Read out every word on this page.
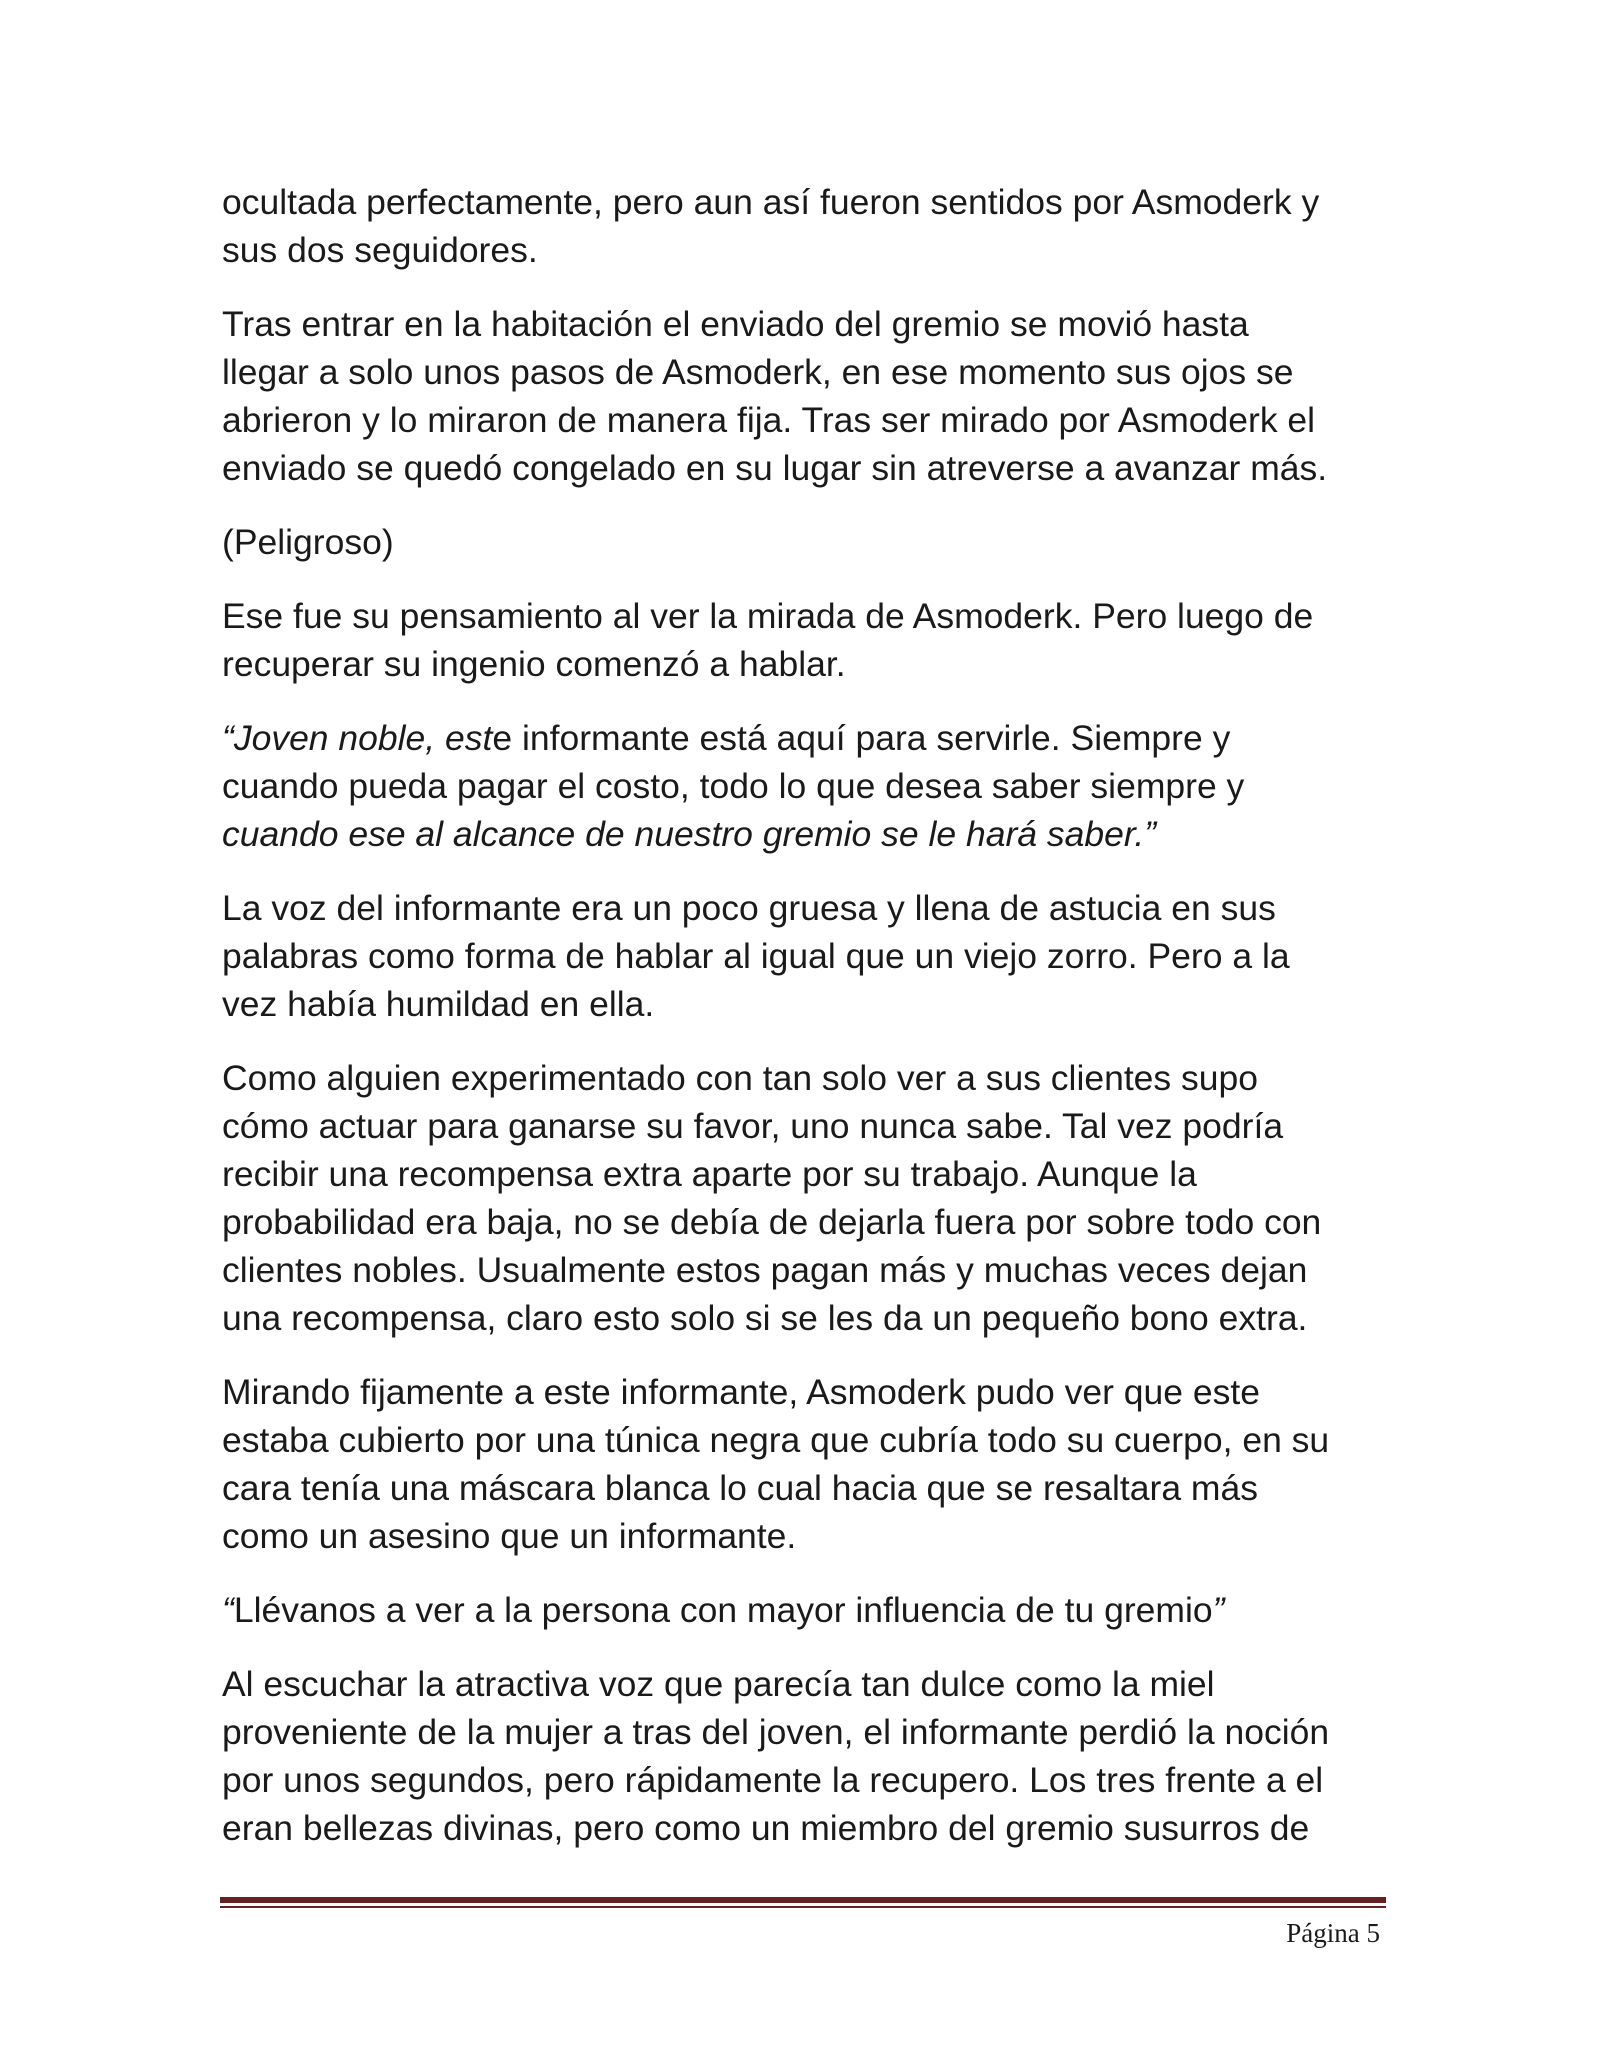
ocultada perfectamente, pero aun así fueron sentidos por Asmoderk y
sus dos seguidores.

Tras entrar en la habitación el enviado del gremio se movió hasta
llegar a solo unos pasos de Asmoderk, en ese momento sus ojos se
abrieron y lo miraron de manera fija. Tras ser mirado por Asmoderk el
enviado se quedó congelado en su lugar sin atreverse a avanzar más.

(Peligroso)

Ese fue su pensamiento al ver la mirada de Asmoderk. Pero luego de
recuperar su ingenio comenzó a hablar.

“Joven noble, este informante está aquí para servirle. Siempre y
cuando pueda pagar el costo, todo lo que desea saber siempre y
cuando ese al alcance de nuestro gremio se le hará saber.”

La voz del informante era un poco gruesa y llena de astucia en sus
palabras como forma de hablar al igual que un viejo zorro. Pero a la
vez había humildad en ella.

Como alguien experimentado con tan solo ver a sus clientes supo
cómo actuar para ganarse su favor, uno nunca sabe. Tal vez podría
recibir una recompensa extra aparte por su trabajo. Aunque la
probabilidad era baja, no se debía de dejarla fuera por sobre todo con
clientes nobles. Usualmente estos pagan más y muchas veces dejan
una recompensa, claro esto solo si se les da un pequeño bono extra.

Mirando fijamente a este informante, Asmoderk pudo ver que este
estaba cubierto por una túnica negra que cubría todo su cuerpo, en su
cara tenía una máscara blanca lo cual hacia que se resaltara más
como un asesino que un informante.

“Llévanos a ver a la persona con mayor influencia de tu gremio”

Al escuchar la atractiva voz que parecía tan dulce como la miel
proveniente de la mujer a tras del joven, el informante perdió la noción
por unos segundos, pero rápidamente la recupero. Los tres frente a el
eran bellezas divinas, pero como un miembro del gremio susurros de

Página 5
